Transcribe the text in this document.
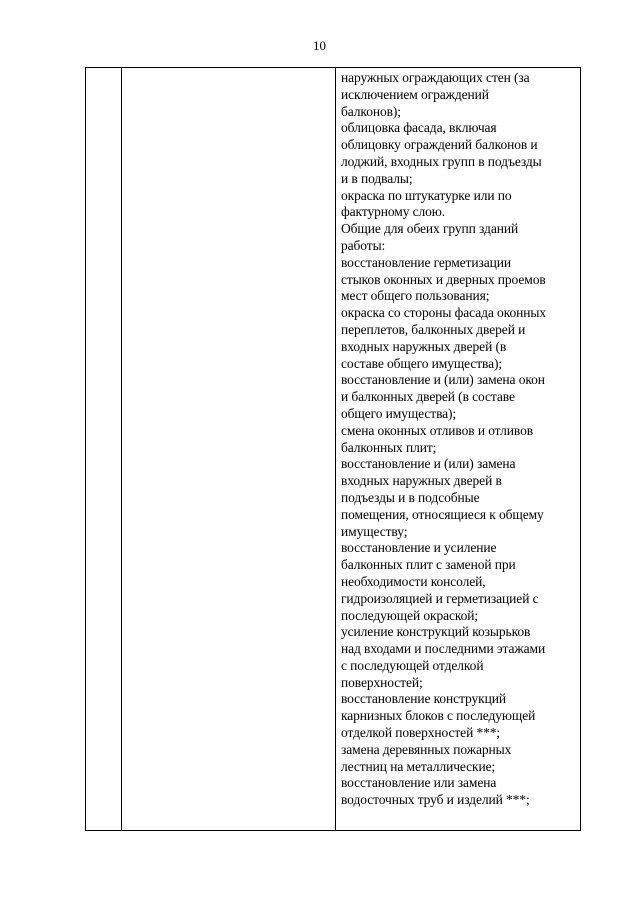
10
наружных ограждающих стен (за
исключением ограждений
балконов);
облицовка фасада, включая
облицовку ограждений балконов и
лоджий, входных групп в подъезды
и в подвалы;
окраска по штукатурке или по
фактурному слою.
Общие для обеих групп зданий
работы:
восстановление герметизации
стыков оконных и дверных проемов
мест общего пользования;
окраска со стороны фасада оконных
переплетов, балконных дверей и
входных наружных дверей (в
составе общего имущества);
восстановление и (или) замена окон
и балконных дверей (в составе
общего имущества);
смена оконных отливов и отливов
балконных плит;
восстановление и (или) замена
входных наружных дверей в
подъезды и в подсобные
помещения, относящиеся к общему
имуществу;
восстановление и усиление
балконных плит с заменой при
необходимости консолей,
гидроизоляцией и герметизацией с
последующей окраской;
усиление конструкций козырьков
над входами и последними этажами
с последующей отделкой
поверхностей;
восстановление конструкций
карнизных блоков с последующей
отделкой поверхностей ***;
замена деревянных пожарных
лестниц на металлические;
восстановление или замена
водосточных труб и изделий ***;
